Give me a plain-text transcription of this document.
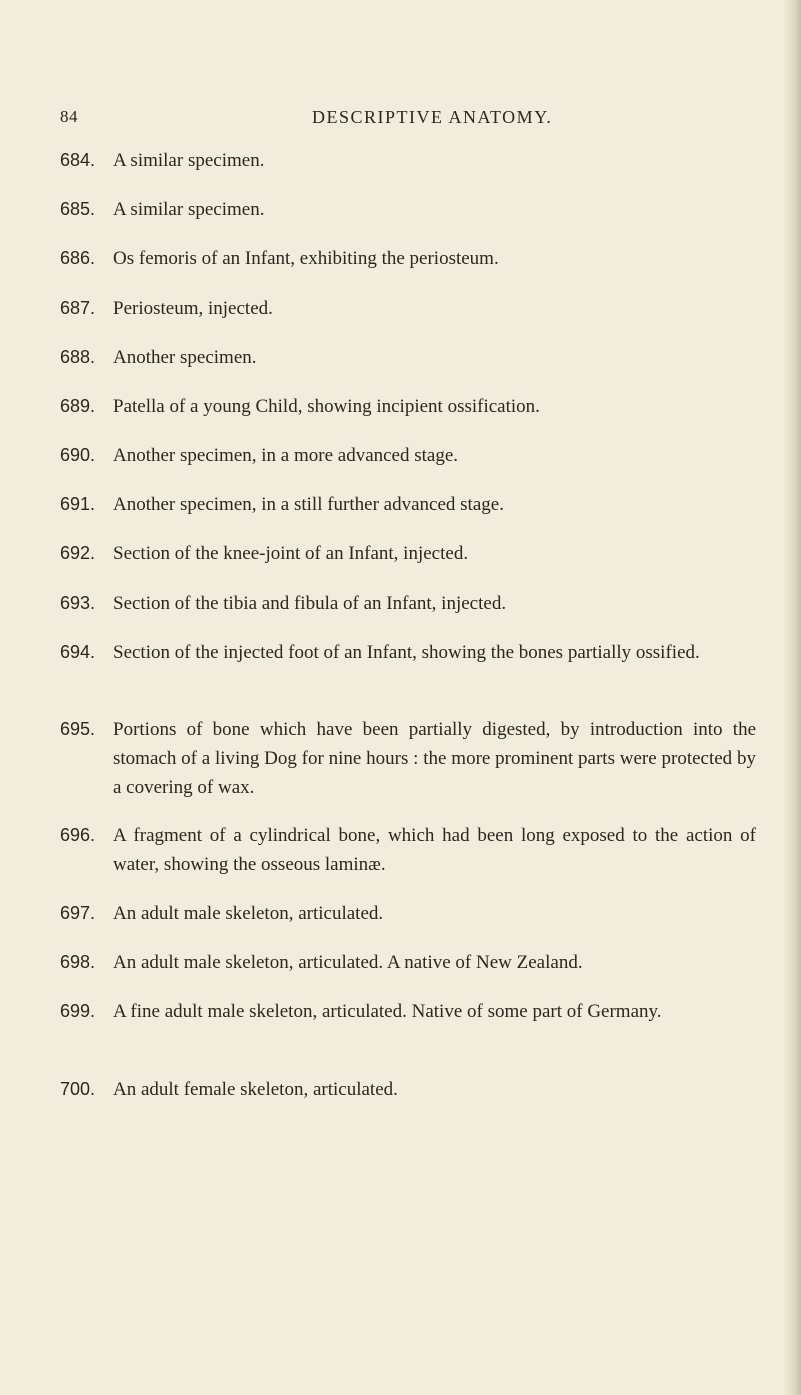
84	DESCRIPTIVE ANATOMY.
684. A similar specimen.
685. A similar specimen.
686. Os femoris of an Infant, exhibiting the periosteum.
687. Periosteum, injected.
688. Another specimen.
689. Patella of a young Child, showing incipient ossification.
690. Another specimen, in a more advanced stage.
691. Another specimen, in a still further advanced stage.
692. Section of the knee-joint of an Infant, injected.
693. Section of the tibia and fibula of an Infant, injected.
694. Section of the injected foot of an Infant, showing the bones partially ossified.
695. Portions of bone which have been partially digested, by introduction into the stomach of a living Dog for nine hours : the more prominent parts were protected by a covering of wax.
696. A fragment of a cylindrical bone, which had been long exposed to the action of water, showing the osseous laminæ.
697. An adult male skeleton, articulated.
698. An adult male skeleton, articulated. A native of New Zealand.
699. A fine adult male skeleton, articulated. Native of some part of Germany.
700. An adult female skeleton, articulated.
